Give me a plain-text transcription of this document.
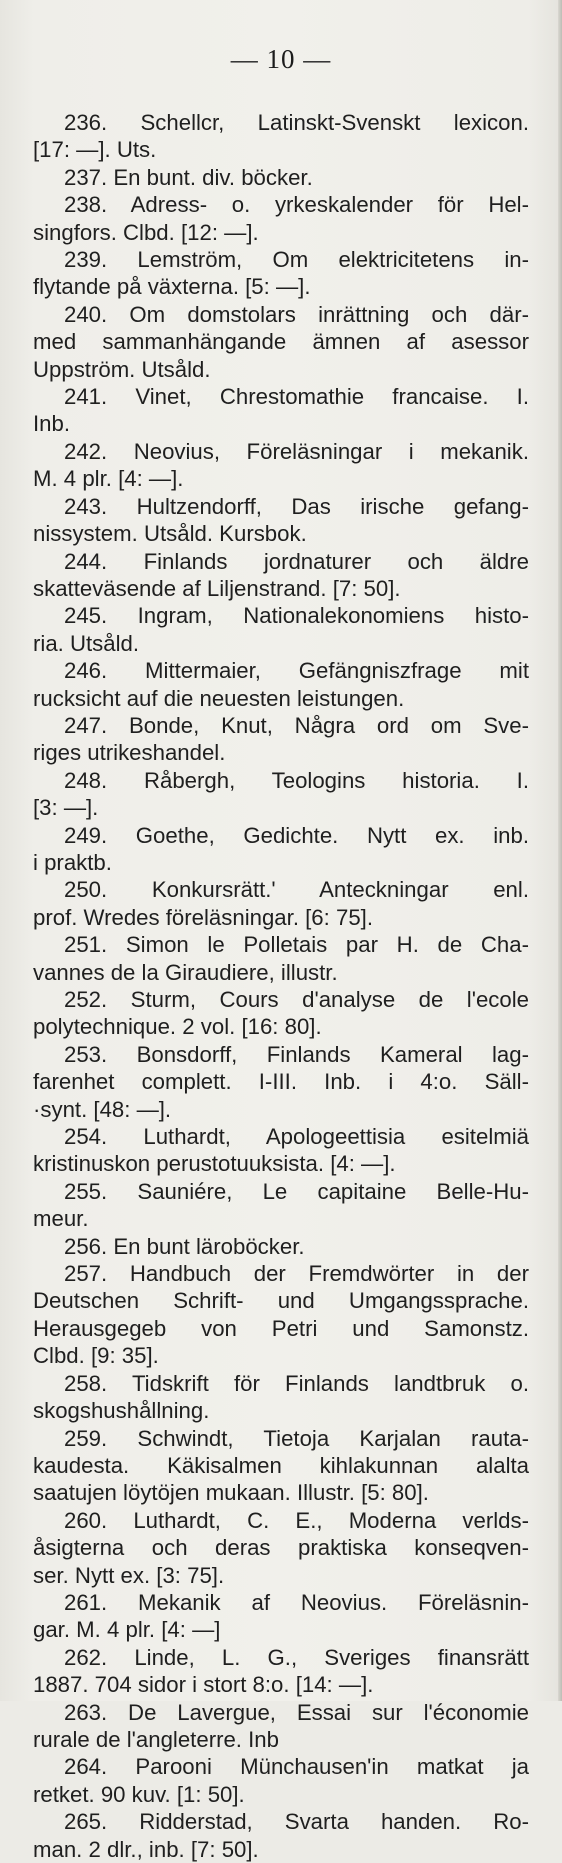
— 10 —
236. Schellcr, Latinskt-Svenskt lexicon.
[17: —]. Uts.
237. En bunt. div. böcker.
238. Adress- o. yrkeskalender för Hel-
singfors. Clbd. [12: —].
239. Lemström, Om elektricitetens in-
flytande på växterna. [5: —].
240. Om domstolars inrättning och där-
med sammanhängande ämnen af asessor
Uppström. Utsåld.
241. Vinet, Chrestomathie francaise. I.
Inb.
242. Neovius, Föreläsningar i mekanik.
M. 4 plr. [4: —].
243. Hultzendorff, Das irische gefang-
nissystem. Utsåld. Kursbok.
244. Finlands jordnaturer och äldre
skatteväsende af Liljenstrand. [7: 50].
245. Ingram, Nationalekonomiens histo-
ria. Utsåld.
246. Mittermaier, Gefängniszfrage mit
rucksicht auf die neuesten leistungen.
247. Bonde, Knut, Några ord om Sve-
riges utrikeshandel.
248. Råbergh, Teologins historia. I.
[3: —].
249. Goethe, Gedichte. Nytt ex. inb.
i praktb.
250. Konkursrätt.' Anteckningar enl.
prof. Wredes föreläsningar. [6: 75].
251. Simon le Polletais par H. de Cha-
vannes de la Giraudiere, illustr.
252. Sturm, Cours d'analyse de l'ecole
polytechnique. 2 vol. [16: 80].
253. Bonsdorff, Finlands Kameral lag-
farenhet complett. I-III. Inb. i 4:o. Säll-
·synt. [48: —].
254. Luthardt, Apologeettisia esitelmiä
kristinuskon perustotuuksista. [4: —].
255. Sauniére, Le capitaine Belle-Hu-
meur.
256. En bunt läroböcker.
257. Handbuch der Fremdwörter in der
Deutschen Schrift- und Umgangssprache.
Herausgegeb von Petri und Samonstz.
Clbd. [9: 35].
258. Tidskrift för Finlands landtbruk o.
skogshushållning.
259. Schwindt, Tietoja Karjalan rauta-
kaudesta. Käkisalmen kihlakunnan alalta
saatujen löytöjen mukaan. Illustr. [5: 80].
260. Luthardt, C. E., Moderna verlds-
åsigterna och deras praktiska konseqven-
ser. Nytt ex. [3: 75].
261. Mekanik af Neovius. Föreläsnin-
gar. M. 4 plr. [4: —]
262. Linde, L. G., Sveriges finansrätt
1887. 704 sidor i stort 8:o. [14: —].
263. De Lavergue, Essai sur l'économie
rurale de l'angleterre. Inb
264. Parooni Münchausen'in matkat ja
retket. 90 kuv. [1: 50].
265. Ridderstad, Svarta handen. Ro-
man. 2 dlr., inb. [7: 50].
